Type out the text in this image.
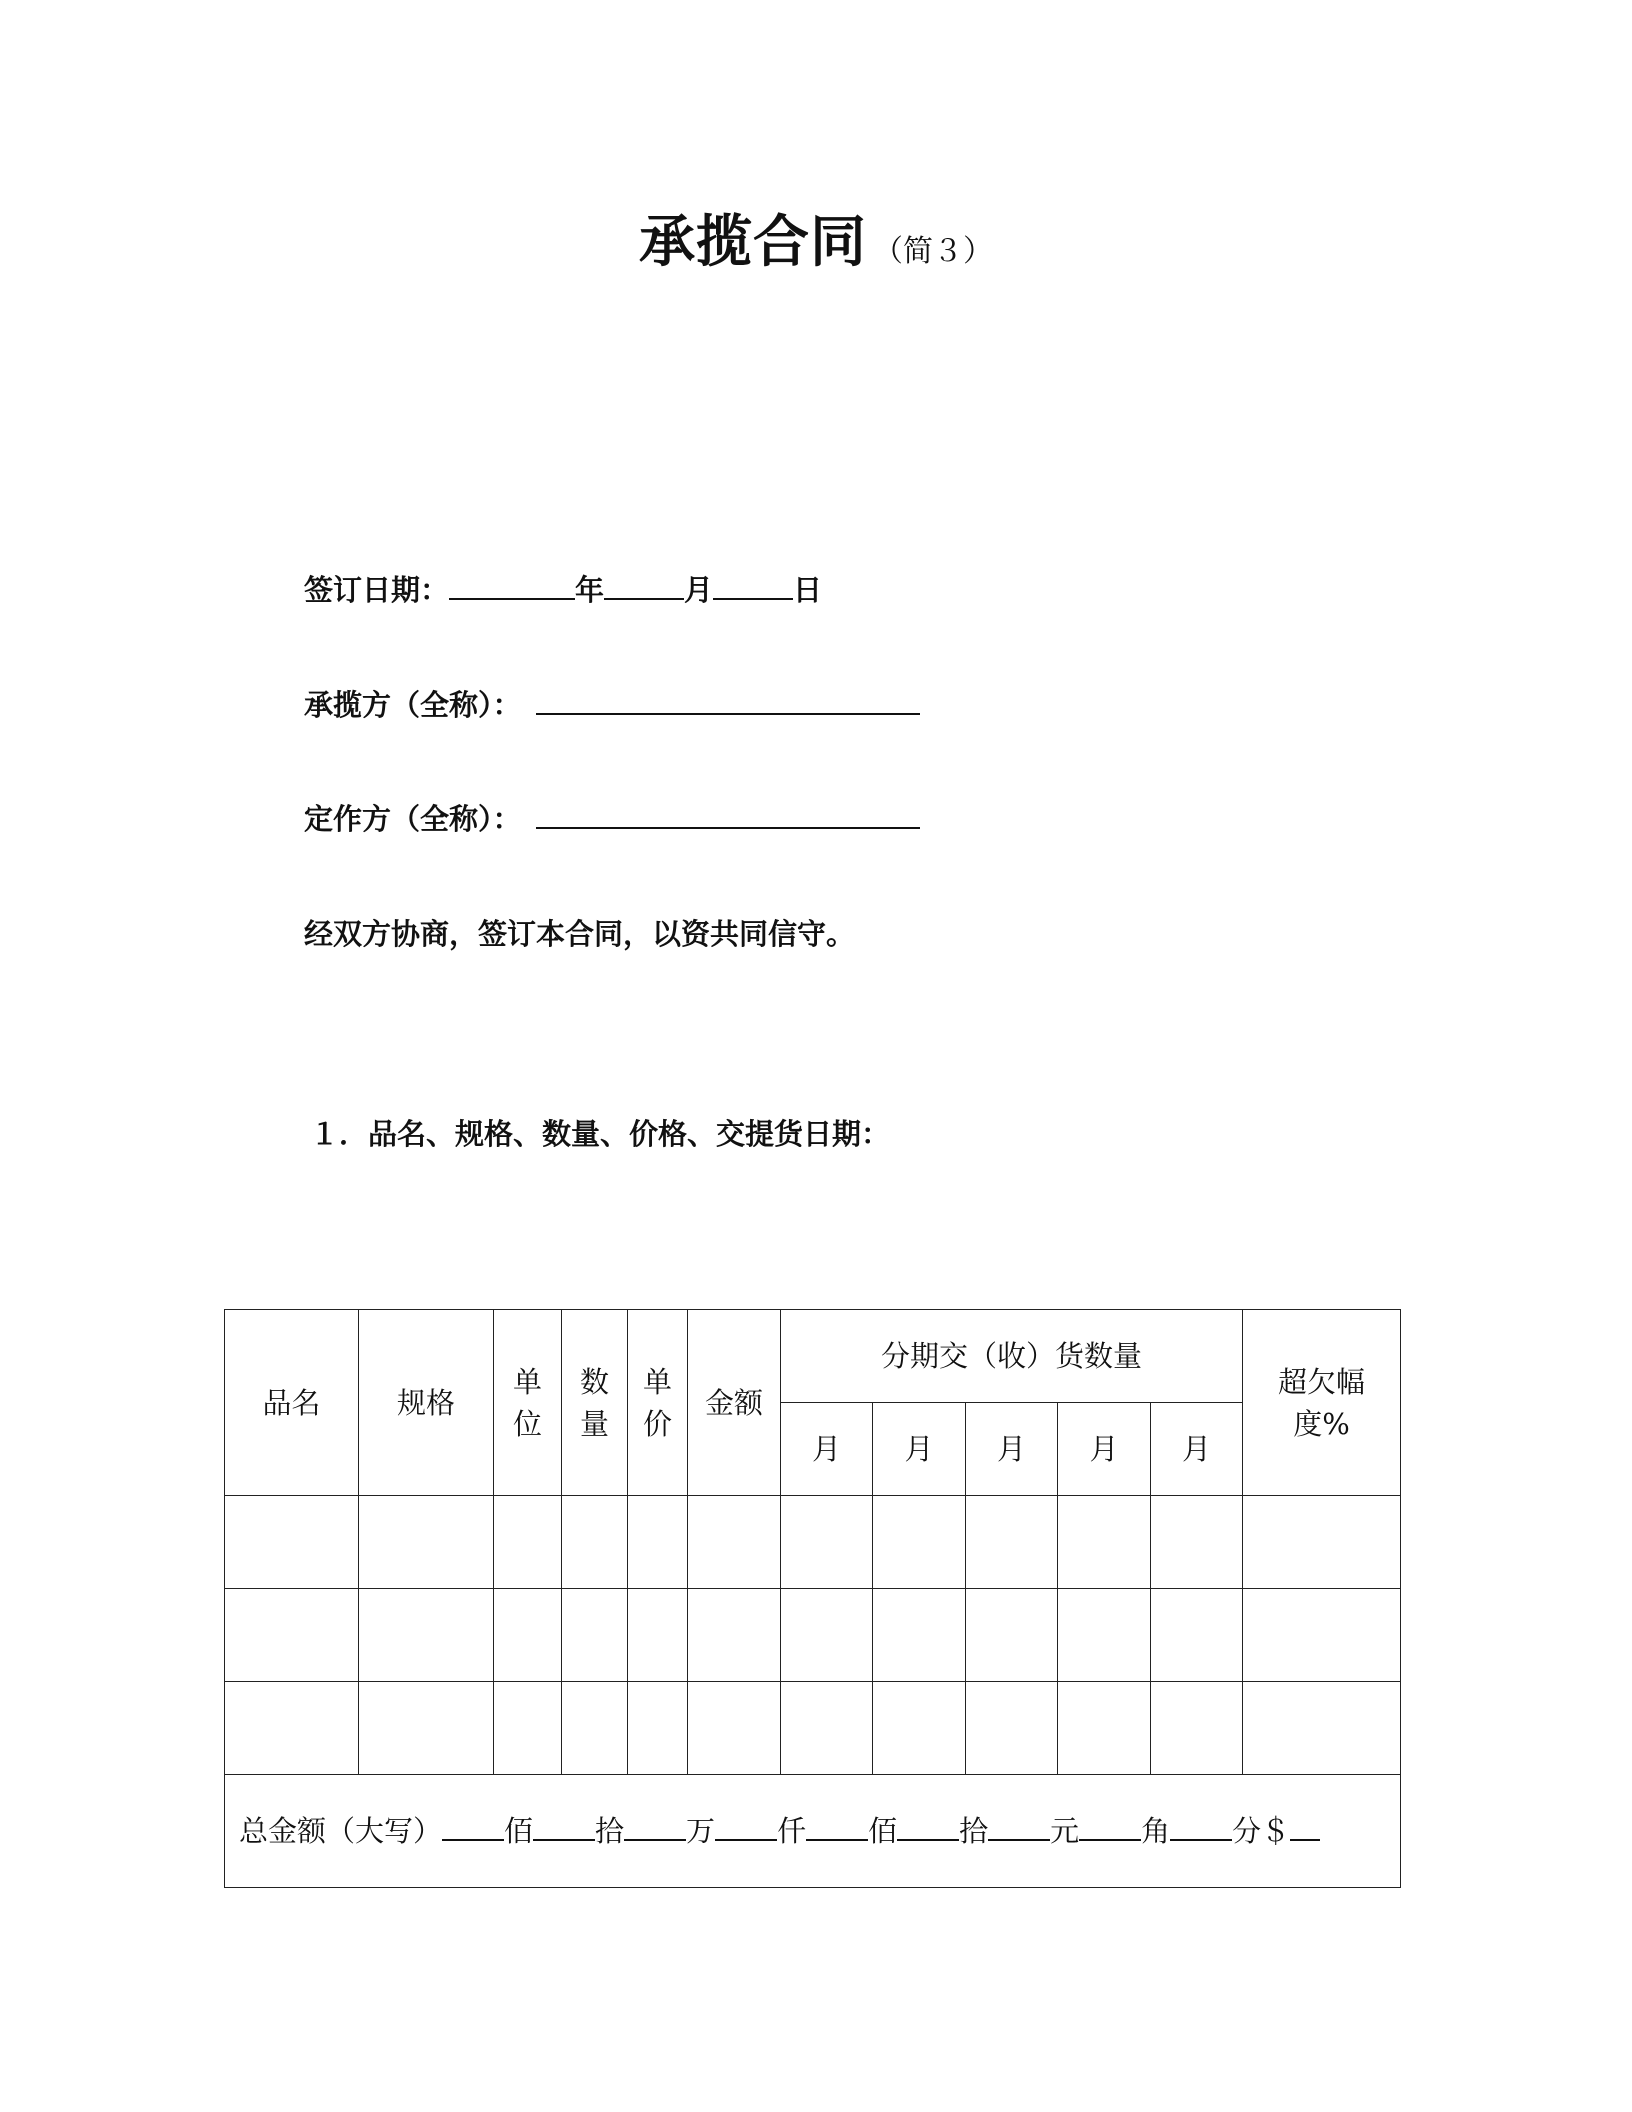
承揽合同 （简３）
签订日期：	年	月	日
承揽方（全称）：
定作方（全称）：
经双方协商，签订本合同，以资共同信守。
１．品名、规格、数量、价格、交提货日期：
品名	规格	单位	数量	单价	金额	分期交（收）货数量					超欠幅度%
						月	月	月	月	月	

总金额（大写） 佰 拾 万 仟 佰 拾 元 角 分＄											
